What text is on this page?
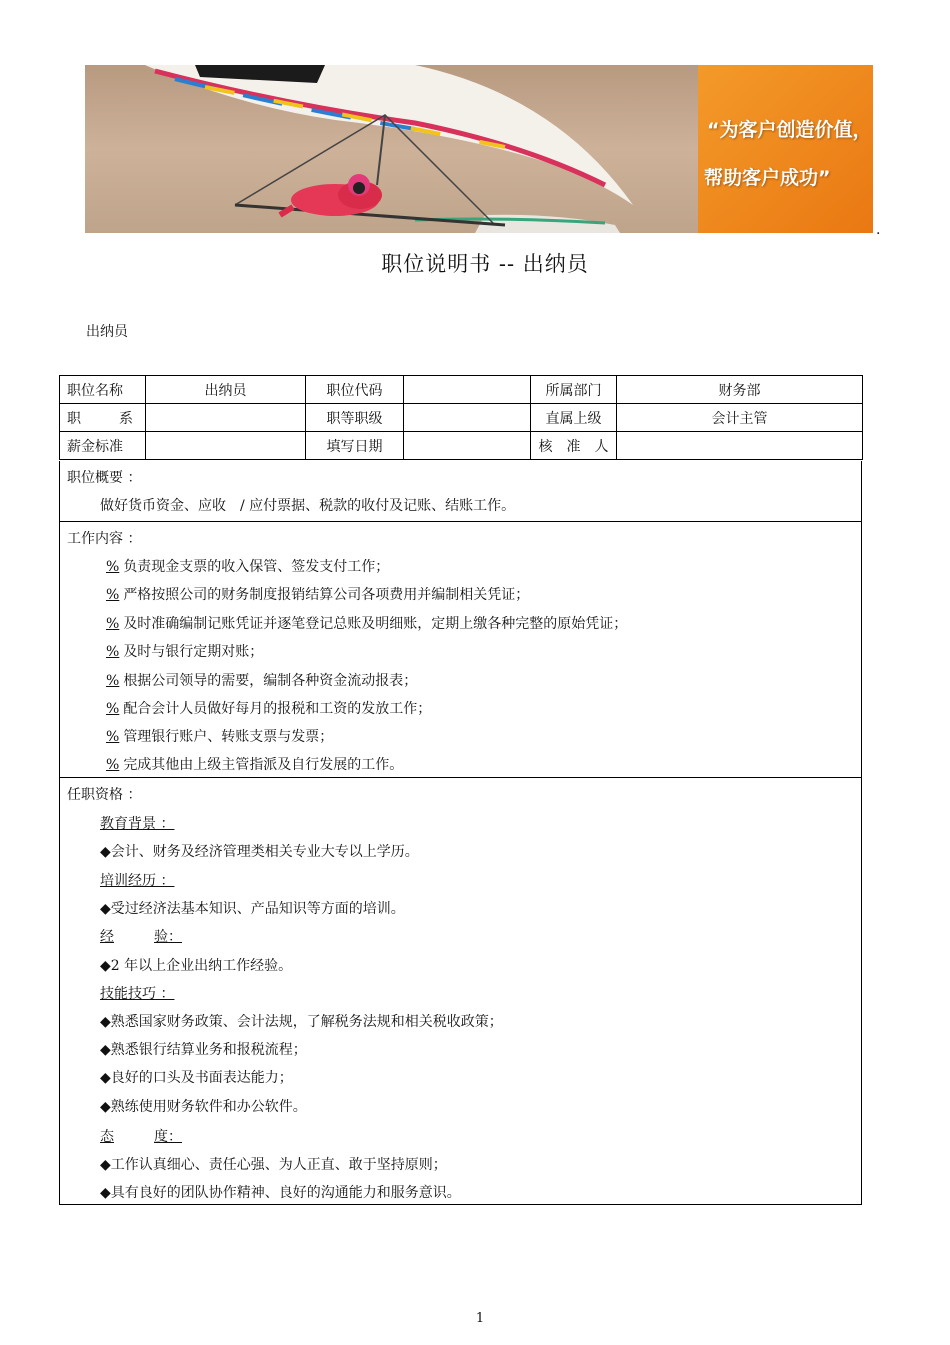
“为客户创造价值，
帮助客户成功”
.
职位说明书 -- 出纳员
出纳员
职位名称	出纳员	职位代码		所属部门	财务部
职 系		职等职级		直属上级	会计主管
薪金标准		填写日期		核 准 人	
职位概要 ：
做好货币资金、应收　/ 应付票据、税款的收付及记账、结账工作。
工作内容 ：
% 负责现金支票的收入保管、签发支付工作；
% 严格按照公司的财务制度报销结算公司各项费用并编制相关凭证；
% 及时准确编制记账凭证并逐笔登记总账及明细账，定期上缴各种完整的原始凭证；
% 及时与银行定期对账；
% 根据公司领导的需要，编制各种资金流动报表；
% 配合会计人员做好每月的报税和工资的发放工作；
% 管理银行账户、转账支票与发票；
% 完成其他由上级主管指派及自行发展的工作。
任职资格 ：
教育背景 ：
◆会计、财务及经济管理类相关专业大专以上学历。
培训经历 ：
◆受过经济法基本知识、产品知识等方面的培训。
经	验：
◆2 年以上企业出纳工作经验。
技能技巧 ：
◆熟悉国家财务政策、会计法规，了解税务法规和相关税收政策；
◆熟悉银行结算业务和报税流程；
◆良好的口头及书面表达能力；
◆熟练使用财务软件和办公软件。
态	度：
◆工作认真细心、责任心强、为人正直、敢于坚持原则；
◆具有良好的团队协作精神、良好的沟通能力和服务意识。
1
